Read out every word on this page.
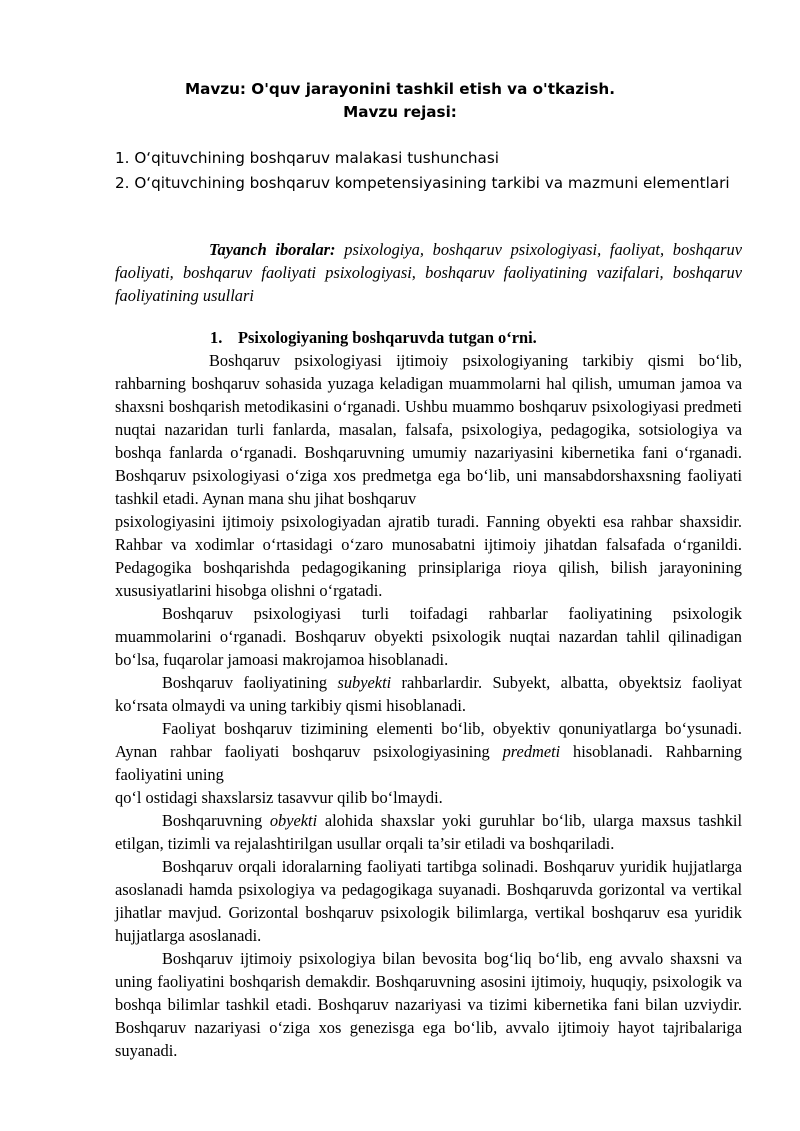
Mavzu: O'quv jarayonini tashkil etish va o'tkazish.
Mavzu rejasi:
1. O‘qituvchining boshqaruv malakasi tushunchasi
2. O‘qituvchining boshqaruv kompetensiyasining tarkibi va mazmuni elementlari
Tayanch iboralar: psixologiya, boshqaruv psixologiyasi, faoliyat, boshqaruv faoliyati, boshqaruv faoliyati psixologiyasi, boshqaruv faoliyatining vazifalari, boshqaruv faoliyatining usullari
1. Psixologiyaning boshqaruvda tutgan o‘rni.

Boshqaruv psixologiyasi ijtimoiy psixologiyaning tarkibiy qismi bo‘lib, rahbarning boshqaruv sohasida yuzaga keladigan muammolarni hal qilish, umuman jamoa va shaxsni boshqarish metodikasini o‘rganadi. Ushbu muammo boshqaruv psixologiyasi predmeti nuqtai nazaridan turli fanlarda, masalan, falsafa, psixologiya, pedagogika, sotsiologiya va boshqa fanlarda o‘rganadi. Boshqaruvning umumiy nazariyasini kibernetika fani o‘rganadi. Boshqaruv psixologiyasi o‘ziga xos predmetga ega bo‘lib, uni mansabdorshaxsning faoliyati tashkil etadi. Aynan mana shu jihat boshqaruv

psixologiyasini ijtimoiy psixologiyadan ajratib turadi. Fanning obyekti esa rahbar shaxsidir. Rahbar va xodimlar o‘rtasidagi o‘zaro munosabatni ijtimoiy jihatdan falsafada o‘rganildi. Pedagogika boshqarishda pedagogikaning prinsiplariga rioya qilish, bilish jarayonining xususiyatlarini hisobga olishni o‘rgatadi.

Boshqaruv psixologiyasi turli toifadagi rahbarlar faoliyatining psixologik muammolarini o‘rganadi. Boshqaruv obyekti psixologik nuqtai nazardan tahlil qilinadigan bo‘lsa, fuqarolar jamoasi makrojamoa hisoblanadi.

Boshqaruv faoliyatining subyekti rahbarlardir. Subyekt, albatta, obyektsiz faoliyat ko‘rsata olmaydi va uning tarkibiy qismi hisoblanadi.

Faoliyat boshqaruv tizimining elementi bo‘lib, obyektiv qonuniyatlarga bo‘ysunadi. Aynan rahbar faoliyati boshqaruv psixologiyasining predmeti hisoblanadi. Rahbarning faoliyatini uning

qo‘l ostidagi shaxslarsiz tasavvur qilib bo‘lmaydi.

Boshqaruvning obyekti alohida shaxslar yoki guruhlar bo‘lib, ularga maxsus tashkil etilgan, tizimli va rejalashtirilgan usullar orqali ta’sir etiladi va boshqariladi.

Boshqaruv orqali idoralarning faoliyati tartibga solinadi. Boshqaruv yuridik hujjatlarga asoslanadi hamda psixologiya va pedagogikaga suyanadi. Boshqaruvda gorizontal va vertikal jihatlar mavjud. Gorizontal boshqaruv psixologik bilimlarga, vertikal boshqaruv esa yuridik hujjatlarga asoslanadi.

Boshqaruv ijtimoiy psixologiya bilan bevosita bog‘liq bo‘lib, eng avvalo shaxsni va uning faoliyatini boshqarish demakdir. Boshqaruvning asosini ijtimoiy, huquqiy, psixologik va boshqa bilimlar tashkil etadi. Boshqaruv nazariyasi va tizimi kibernetika fani bilan uzviydir. Boshqaruv nazariyasi o‘ziga xos genezisga ega bo‘lib, avvalo ijtimoiy hayot tajribalariga suyanadi.
